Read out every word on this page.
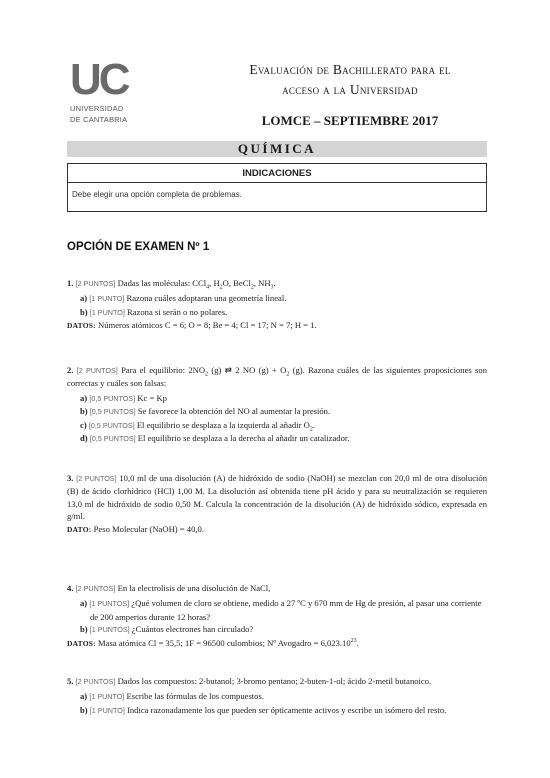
UC
UNIVERSIDAD
DE CANTABRIA
Evaluación de Bachillerato para el
acceso a la Universidad
LOMCE – SEPTIEMBRE 2017
QUÍMICA
INDICACIONES
Debe elegir una opción completa de problemas.
OPCIÓN DE EXAMEN Nº 1

1. [2 PUNTOS] Dadas las moléculas: CCl$_4$, $H_2O$, BeCl$_2$, $NH_3$.

a) [1 PUNTO] Razona cuáles adoptaran una geometría lineal.

b) [1 PUNTO] Razona si serán o no polares.

DATOS: Números atómicos C = 6; O = 8; Be = 4; Cl = 17; N = 7; H = 1.

2. [2 PUNTOS] Para el equilibrio: $2NO_2$ (g) ⇄ 2 NO $(g) + O_2$ (g). Razona cuáles de las siguientes proposiciones son correctas y cuáles son falsas:

a) [0,5 PUNTOS] Kc = Kp

b) [0,5 PUNTOS] Se favorece la obtención del NO al aumentar la presión.

c) [0,5 PUNTOS] El equilibrio se desplaza a la izquierda al añadir $O_2$.

d) [0,5 PUNTOS] El equilibrio se desplaza a la derecha al añadir un catalizador.

3. [2 PUNTOS] 10,0 ml de una disolución (A) de hidróxido de sodio (NaOH) se mezclan con 20,0 ml de otra disolución (B) de ácido clorhídrico (HCl) 1,00 M. La disolución así obtenida tiene pH ácido y para su neutralización se requieren 13,0 ml de hidróxido de sodio 0,50 M. Calcula la concentración de la disolución (A) de hidróxido sódico, expresada en g/ml.

DATO: Peso Molecular (NaOH) = 40,0.

4. [2 PUNTOS] En la electrolisis de una disolución de NaCl,

a) [1 PUNTOS] ¿Qué volumen de cloro se obtiene, medido a 27 ºC y 670 mm de Hg de presión, al pasar una corriente de 200 amperios durante 12 horas?

b) [1 PUNTOS] ¿Cuántos electrones han circulado?

DATOS: Masa atómica Cl = 35,5; 1F = 96500 culombios; Nº Avogadro = $6,023.10^{23}$.

5. [2 PUNTOS] Dados los compuestos: 2-butanol; 3-bromo pentano; 2-buten-1-ol; ácido 2-metil butanoico.

a) [1 PUNTO] Escribe las fórmulas de los compuestos.

b) [1 PUNTO] Indica razonadamente los que pueden ser ópticamente activos y escribe un isómero del resto.
